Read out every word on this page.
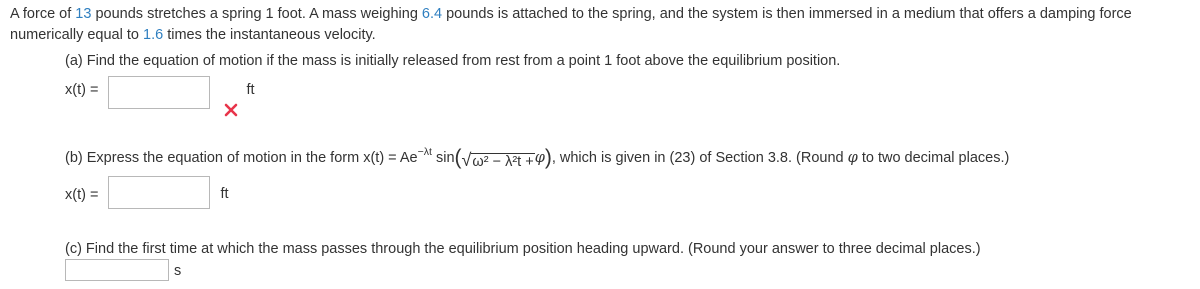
A force of 13 pounds stretches a spring 1 foot. A mass weighing 6.4 pounds is attached to the spring, and the system is then immersed in a medium that offers a damping force numerically equal to 1.6 times the instantaneous velocity.
(a) Find the equation of motion if the mass is initially released from rest from a point 1 foot above the equilibrium position.
x(t) =	ft
(b) Express the equation of motion in the form $x(t) = Ae^{-\lambda t}$ sin(√ω² − λ²t +φ), which is given in (23) of Section 3.8. (Round φ to two decimal places.)
x(t) =	ft
(c) Find the first time at which the mass passes through the equilibrium position heading upward. (Round your answer to three decimal places.)
s
